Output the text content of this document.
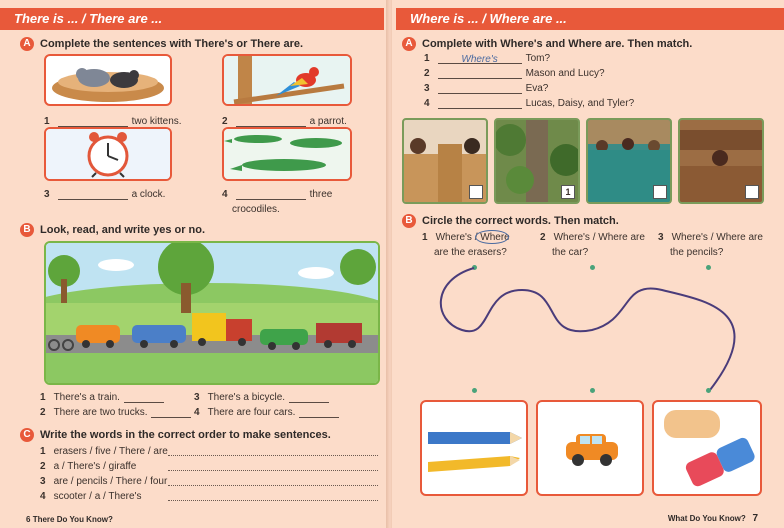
There is ... / There are ...
A Complete the sentences with There's or There are.
1	two kittens.	2	a parrot.
3	a clock.	4	three
crocodiles.
B Look, read, and write yes or no.
1 There's a train.
2 There are two trucks.
3 There's a bicycle.
4 There are four cars.
C Write the words in the correct order to make sentences.
1 erasers / five / There / are
2 a / There's / giraffe
3 are / pencils / There / four
4 scooter / a / There's
6 There Do You Know?
Where is ... / Where are ...
A Complete with Where's and Where are. Then match.
1	Where's	Tom?
2	Mason and Lucy?
3	Eva?
4	Lucas, Daisy, and Tyler?
1
B Circle the correct words. Then match.
1 Where's / Where
are the erasers?
2 Where's / Where are
the car?
3 Where's / Where are
the pencils?
What Do You Know? 7
